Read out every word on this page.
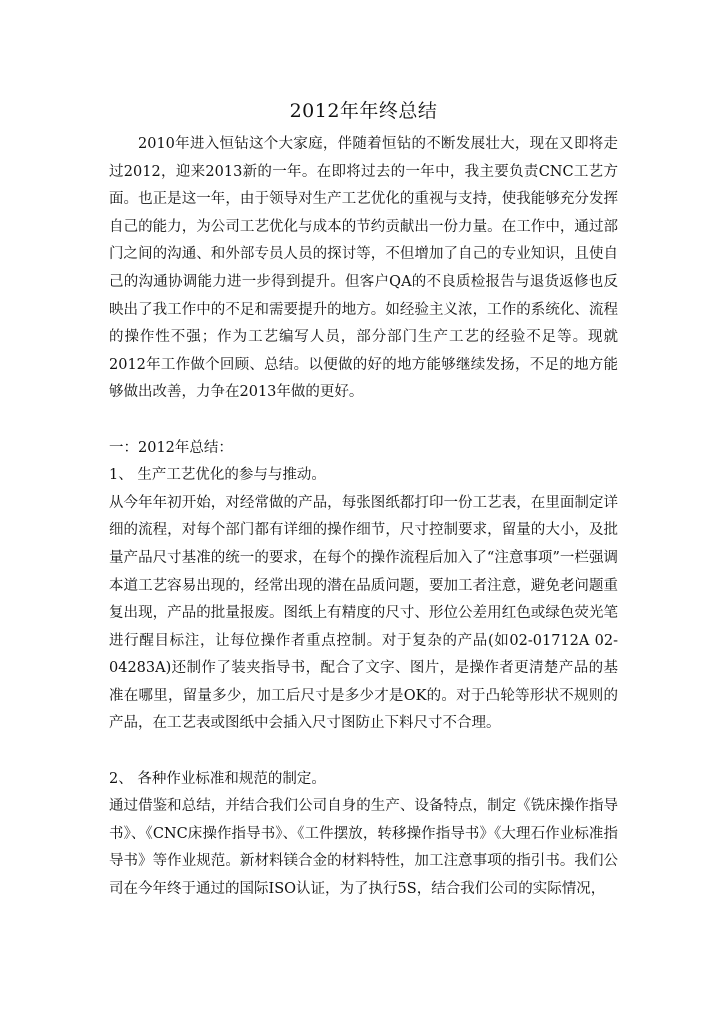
2012年年终总结

2010年进入恒钻这个大家庭，伴随着恒钻的不断发展壮大，现在又即将走过2012，迎来2013新的一年。在即将过去的一年中，我主要负责CNC工艺方面。也正是这一年，由于领导对生产工艺优化的重视与支持，使我能够充分发挥自己的能力，为公司工艺优化与成本的节约贡献出一份力量。在工作中，通过部门之间的沟通、和外部专员人员的探讨等，不但增加了自己的专业知识，且使自己的沟通协调能力进一步得到提升。但客户QA的不良质检报告与退货返修也反映出了我工作中的不足和需要提升的地方。如经验主义浓，工作的系统化、流程的操作性不强；作为工艺编写人员，部分部门生产工艺的经验不足等。现就2012年工作做个回顾、总结。以便做的好的地方能够继续发扬，不足的地方能够做出改善，力争在2013年做的更好。

一：2012年总结：

1、 生产工艺优化的参与与推动。

从今年年初开始，对经常做的产品，每张图纸都打印一份工艺表，在里面制定详细的流程，对每个部门都有详细的操作细节，尺寸控制要求，留量的大小，及批量产品尺寸基准的统一的要求，在每个的操作流程后加入了“注意事项”一栏强调本道工艺容易出现的，经常出现的潜在品质问题，要加工者注意，避免老问题重复出现，产品的批量报废。图纸上有精度的尺寸、形位公差用红色或绿色荧光笔进行醒目标注，让每位操作者重点控制。对于复杂的产品(如02-01712A 02-04283A)还制作了装夹指导书，配合了文字、图片，是操作者更清楚产品的基准在哪里，留量多少，加工后尺寸是多少才是OK的。对于凸轮等形状不规则的产品，在工艺表或图纸中会插入尺寸图防止下料尺寸不合理。

2、 各种作业标准和规范的制定。

通过借鉴和总结，并结合我们公司自身的生产、设备特点，制定《铣床操作指导书》、《CNC床操作指导书》、《工件摆放，转移操作指导书》《大理石作业标准指导书》等作业规范。新材料镁合金的材料特性，加工注意事项的指引书。我们公司在今年终于通过的国际ISO认证，为了执行5S，结合我们公司的实际情况，
